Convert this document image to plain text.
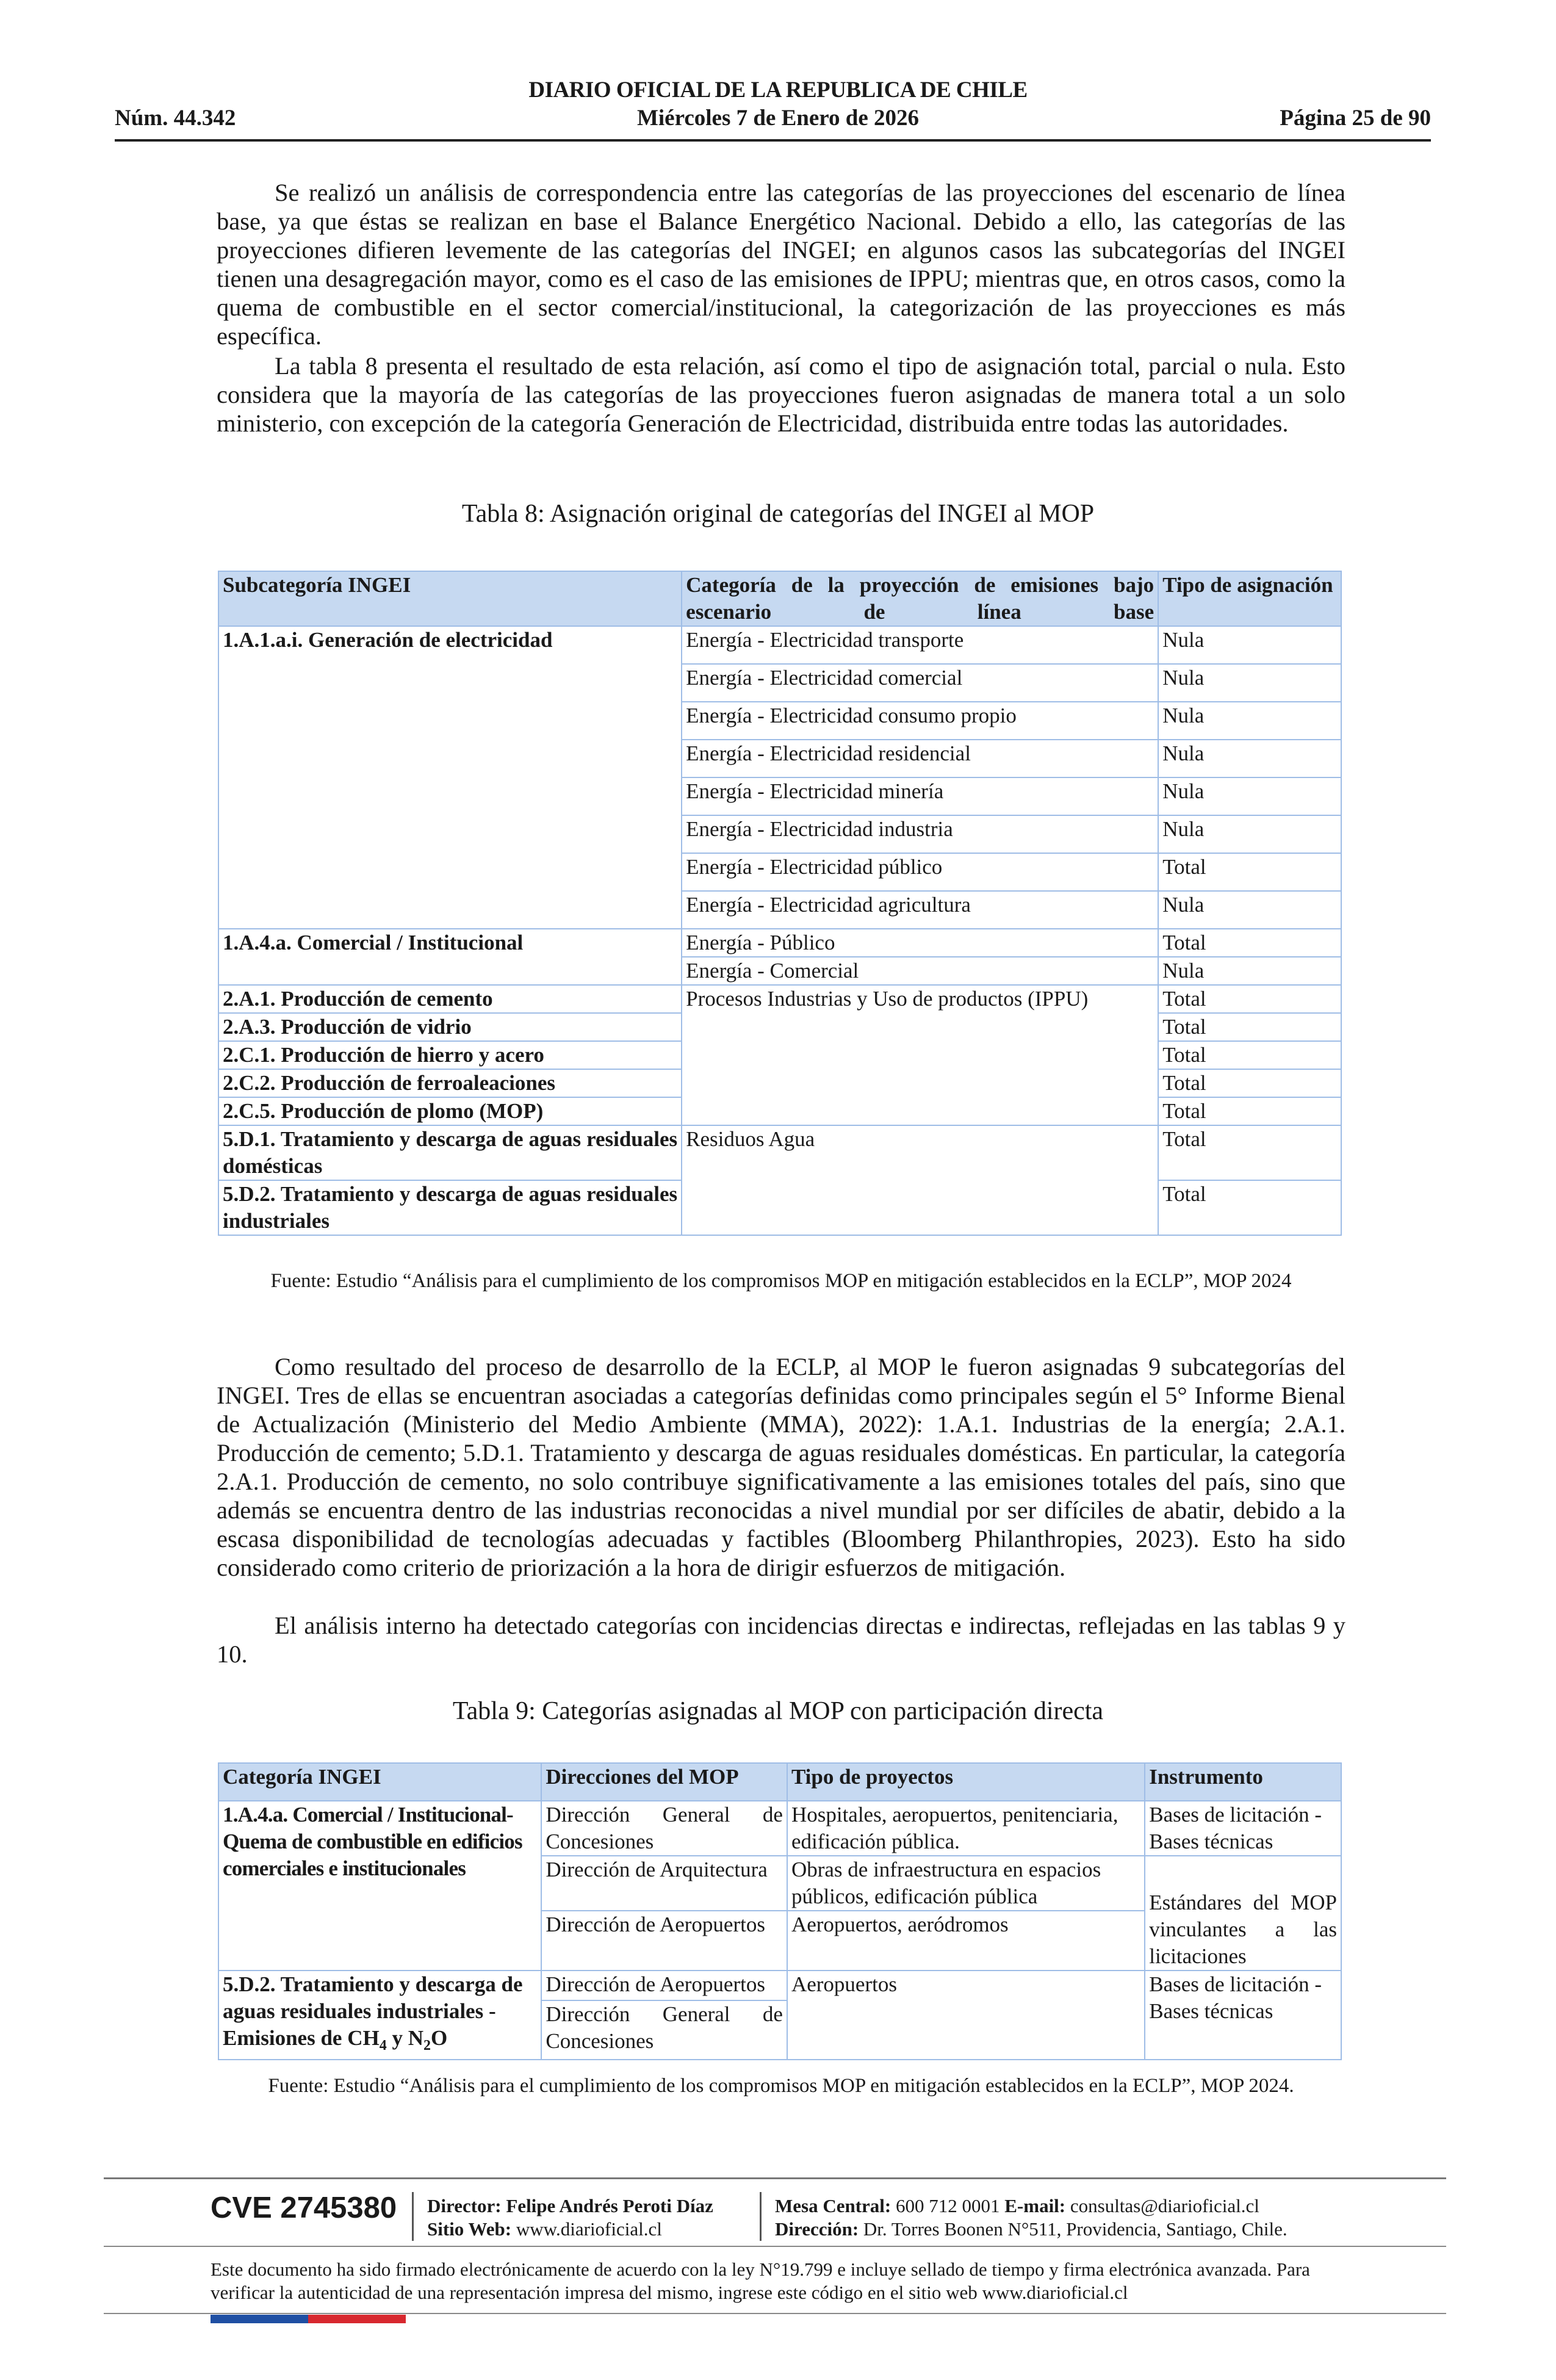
DIARIO OFICIAL DE LA REPUBLICA DE CHILE
Miércoles 7 de Enero de 2026
Núm. 44.342	Página 25 de 90
Se realizó un análisis de correspondencia entre las categorías de las proyecciones del escenario de línea base, ya que éstas se realizan en base el Balance Energético Nacional. Debido a ello, las categorías de las proyecciones difieren levemente de las categorías del INGEI; en algunos casos las subcategorías del INGEI tienen una desagregación mayor, como es el caso de las emisiones de IPPU; mientras que, en otros casos, como la quema de combustible en el sector comercial/institucional, la categorización de las proyecciones es más específica.
La tabla 8 presenta el resultado de esta relación, así como el tipo de asignación total, parcial o nula. Esto considera que la mayoría de las categorías de las proyecciones fueron asignadas de manera total a un solo ministerio, con excepción de la categoría Generación de Electricidad, distribuida entre todas las autoridades.
Tabla 8: Asignación original de categorías del INGEI al MOP
Subcategoría INGEI	Categoría de la proyección de emisiones bajo escenario de línea base	Tipo de asignación
1.A.1.a.i. Generación de electricidad	Energía - Electricidad transporte	Nula
	Energía - Electricidad comercial	Nula
	Energía - Electricidad consumo propio	Nula
	Energía - Electricidad residencial	Nula
	Energía - Electricidad minería	Nula
	Energía - Electricidad industria	Nula
	Energía - Electricidad público	Total
	Energía - Electricidad agricultura	Nula
1.A.4.a. Comercial / Institucional	Energía - Público	Total
	Energía - Comercial	Nula
2.A.1. Producción de cemento	Procesos Industrias y Uso de productos (IPPU)	Total
2.A.3. Producción de vidrio		Total
2.C.1. Producción de hierro y acero		Total
2.C.2. Producción de ferroaleaciones		Total
2.C.5. Producción de plomo (MOP)		Total
5.D.1. Tratamiento y descarga de aguas residuales domésticas	Residuos Agua	Total
5.D.2. Tratamiento y descarga de aguas residuales industriales		Total
Fuente: Estudio “Análisis para el cumplimiento de los compromisos MOP en mitigación establecidos en la ECLP”, MOP 2024
Como resultado del proceso de desarrollo de la ECLP, al MOP le fueron asignadas 9 subcategorías del INGEI. Tres de ellas se encuentran asociadas a categorías definidas como principales según el 5° Informe Bienal de Actualización (Ministerio del Medio Ambiente (MMA), 2022): 1.A.1. Industrias de la energía; 2.A.1. Producción de cemento; 5.D.1. Tratamiento y descarga de aguas residuales domésticas. En particular, la categoría 2.A.1. Producción de cemento, no solo contribuye significativamente a las emisiones totales del país, sino que además se encuentra dentro de las industrias reconocidas a nivel mundial por ser difíciles de abatir, debido a la escasa disponibilidad de tecnologías adecuadas y factibles (Bloomberg Philanthropies, 2023). Esto ha sido considerado como criterio de priorización a la hora de dirigir esfuerzos de mitigación.
El análisis interno ha detectado categorías con incidencias directas e indirectas, reflejadas en las tablas 9 y 10.
Tabla 9: Categorías asignadas al MOP con participación directa
Categoría INGEI	Direcciones del MOP	Tipo de proyectos	Instrumento
1.A.4.a. Comercial / Institucional- Quema de combustible en edificios comerciales e institucionales	Dirección General de Concesiones	Hospitales, aeropuertos, penitenciaria, edificación pública.	Bases de licitación - Bases técnicas
	Dirección de Arquitectura	Obras de infraestructura en espacios públicos, edificación pública	Estándares del MOP vinculantes a las licitaciones
	Dirección de Aeropuertos	Aeropuertos, aeródromos	
5.D.2. Tratamiento y descarga de aguas residuales industriales - Emisiones de $CH_4$ y $N_2O$	Dirección de Aeropuertos	Aeropuertos	Bases de licitación - Bases técnicas
	Dirección General de Concesiones		
Fuente: Estudio “Análisis para el cumplimiento de los compromisos MOP en mitigación establecidos en la ECLP”, MOP 2024.
CVE 2745380 Director: Felipe Andrés Peroti Díaz
Sitio Web: www.diarioficial.cl
Mesa Central: 600 712 0001 E-mail: consultas@diarioficial.cl
Dirección: Dr. Torres Boonen N°511, Providencia, Santiago, Chile.
Este documento ha sido firmado electrónicamente de acuerdo con la ley N°19.799 e incluye sellado de tiempo y firma electrónica avanzada. Para verificar la autenticidad de una representación impresa del mismo, ingrese este código en el sitio web www.diarioficial.cl
